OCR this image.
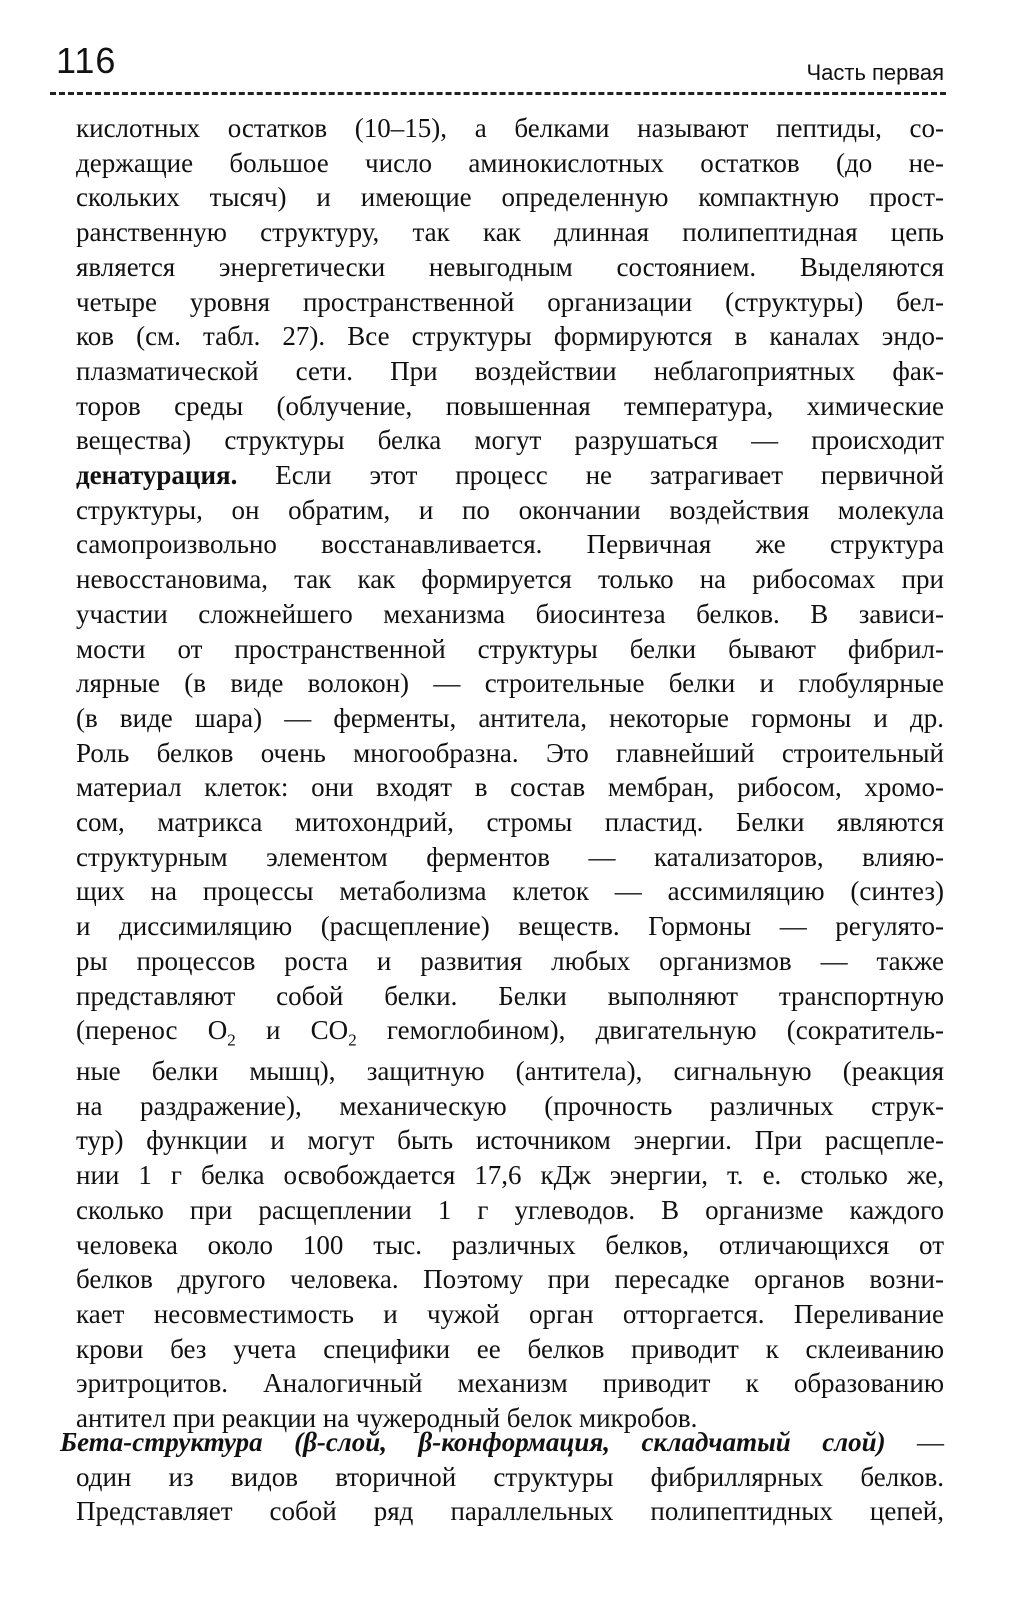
116	Часть первая
кислотных остатков (10–15), а белками называют пептиды, со-
держащие большое число аминокислотных остатков (до не-
скольких тысяч) и имеющие определенную компактную прост-
ранственную структуру, так как длинная полипептидная цепь
является энергетически невыгодным состоянием. Выделяются
четыре уровня пространственной организации (структуры) бел-
ков (см. табл. 27). Все структуры формируются в каналах эндо-
плазматической сети. При воздействии неблагоприятных фак-
торов среды (облучение, повышенная температура, химические
вещества) структуры белка могут разрушаться — происходит
денатурация. Если этот процесс не затрагивает первичной
структуры, он обратим, и по окончании воздействия молекула
самопроизвольно восстанавливается. Первичная же структура
невосстановима, так как формируется только на рибосомах при
участии сложнейшего механизма биосинтеза белков. В зависи-
мости от пространственной структуры белки бывают фибрил-
лярные (в виде волокон) — строительные белки и глобулярные
(в виде шара) — ферменты, антитела, некоторые гормоны и др.
Роль белков очень многообразна. Это главнейший строительный
материал клеток: они входят в состав мембран, рибосом, хромо-
сом, матрикса митохондрий, стромы пластид. Белки являются
структурным элементом ферментов — катализаторов, влияю-
щих на процессы метаболизма клеток — ассимиляцию (синтез)
и диссимиляцию (расщепление) веществ. Гормоны — регулято-
ры процессов роста и развития любых организмов — также
представляют собой белки. Белки выполняют транспортную
(перенос $O_2$ и $CO_2$ гемоглобином), двигательную (сократитель-
ные белки мышц), защитную (антитела), сигнальную (реакция
на раздражение), механическую (прочность различных струк-
тур) функции и могут быть источником энергии. При расщепле-
нии 1 г белка освобождается 17,6 кДж энергии, т. е. столько же,
сколько при расщеплении 1 г углеводов. В организме каждого
человека около 100 тыс. различных белков, отличающихся от
белков другого человека. Поэтому при пересадке органов возни-
кает несовместимость и чужой орган отторгается. Переливание
крови без учета специфики ее белков приводит к склеиванию
эритроцитов. Аналогичный механизм приводит к образованию
антител при реакции на чужеродный белок микробов.
Бета-структура (β-слой, β-конформация, складчатый слой) —
один из видов вторичной структуры фибриллярных белков.
Представляет собой ряд параллельных полипептидных цепей,
